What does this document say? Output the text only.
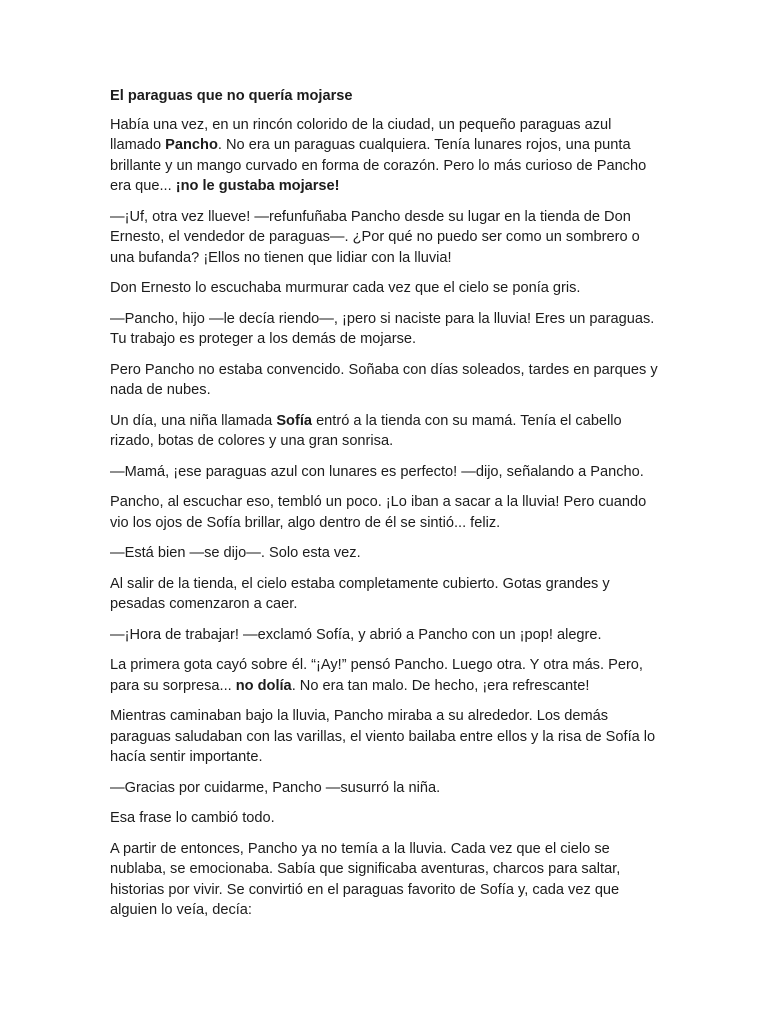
El paraguas que no quería mojarse

Había una vez, en un rincón colorido de la ciudad, un pequeño paraguas azul llamado Pancho. No era un paraguas cualquiera. Tenía lunares rojos, una punta brillante y un mango curvado en forma de corazón. Pero lo más curioso de Pancho era que... ¡no le gustaba mojarse!

—¡Uf, otra vez llueve! —refunfuñaba Pancho desde su lugar en la tienda de Don Ernesto, el vendedor de paraguas—. ¿Por qué no puedo ser como un sombrero o una bufanda? ¡Ellos no tienen que lidiar con la lluvia!

Don Ernesto lo escuchaba murmurar cada vez que el cielo se ponía gris.

—Pancho, hijo —le decía riendo—, ¡pero si naciste para la lluvia! Eres un paraguas. Tu trabajo es proteger a los demás de mojarse.

Pero Pancho no estaba convencido. Soñaba con días soleados, tardes en parques y nada de nubes.

Un día, una niña llamada Sofía entró a la tienda con su mamá. Tenía el cabello rizado, botas de colores y una gran sonrisa.

—Mamá, ¡ese paraguas azul con lunares es perfecto! —dijo, señalando a Pancho.

Pancho, al escuchar eso, tembló un poco. ¡Lo iban a sacar a la lluvia! Pero cuando vio los ojos de Sofía brillar, algo dentro de él se sintió... feliz.

—Está bien —se dijo—. Solo esta vez.

Al salir de la tienda, el cielo estaba completamente cubierto. Gotas grandes y pesadas comenzaron a caer.

—¡Hora de trabajar! —exclamó Sofía, y abrió a Pancho con un ¡pop! alegre.

La primera gota cayó sobre él. “¡Ay!” pensó Pancho. Luego otra. Y otra más. Pero, para su sorpresa... no dolía. No era tan malo. De hecho, ¡era refrescante!

Mientras caminaban bajo la lluvia, Pancho miraba a su alrededor. Los demás paraguas saludaban con las varillas, el viento bailaba entre ellos y la risa de Sofía lo hacía sentir importante.

—Gracias por cuidarme, Pancho —susurró la niña.

Esa frase lo cambió todo.

A partir de entonces, Pancho ya no temía a la lluvia. Cada vez que el cielo se nublaba, se emocionaba. Sabía que significaba aventuras, charcos para saltar, historias por vivir. Se convirtió en el paraguas favorito de Sofía y, cada vez que alguien lo veía, decía:
